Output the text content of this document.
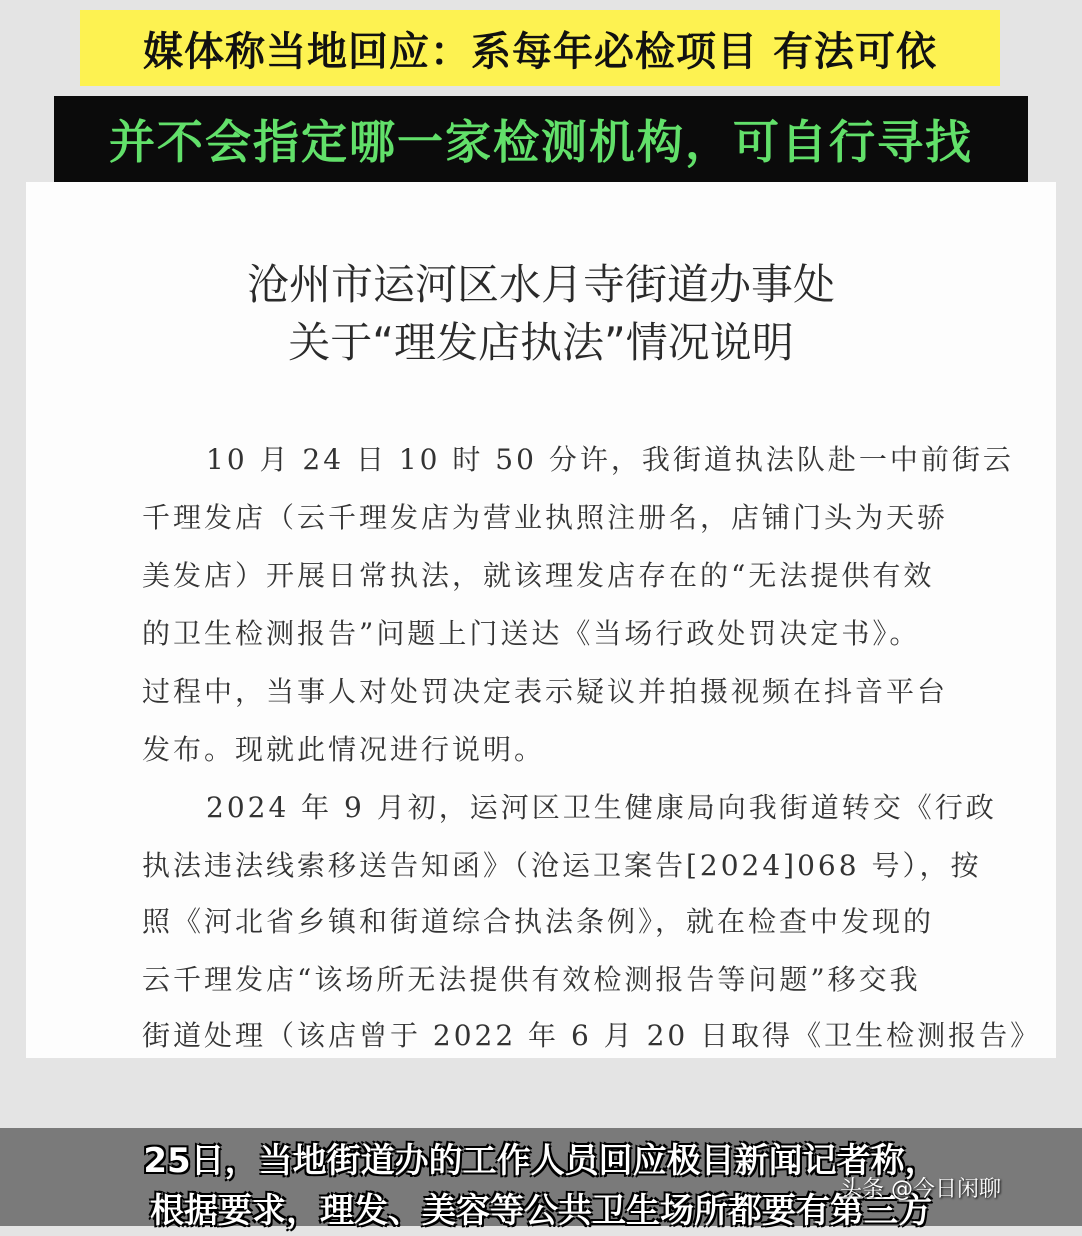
媒体称当地回应：系每年必检项目 有法可依
并不会指定哪一家检测机构，可自行寻找
沧州市运河区水月寺街道办事处
关于“理发店执法”情况说明
10 月 24 日 10 时 50 分许，我街道执法队赴一中前街云
千理发店（云千理发店为营业执照注册名，店铺门头为天骄
美发店）开展日常执法，就该理发店存在的“无法提供有效
的卫生检测报告”问题上门送达《当场行政处罚决定书》。
过程中，当事人对处罚决定表示疑议并拍摄视频在抖音平台
发布。现就此情况进行说明。
2024 年 9 月初，运河区卫生健康局向我街道转交《行政
执法违法线索移送告知函》（沧运卫案告[2024]068 号），按
照《河北省乡镇和街道综合执法条例》，就在检查中发现的
云千理发店“该场所无法提供有效检测报告等问题”移交我
街道处理（该店曾于 2022 年 6 月 20 日取得《卫生检测报告》
25日，当地街道办的工作人员回应极目新闻记者称，
根据要求，理发、美容等公共卫生场所都要有第三方
头条 @今日闲聊
